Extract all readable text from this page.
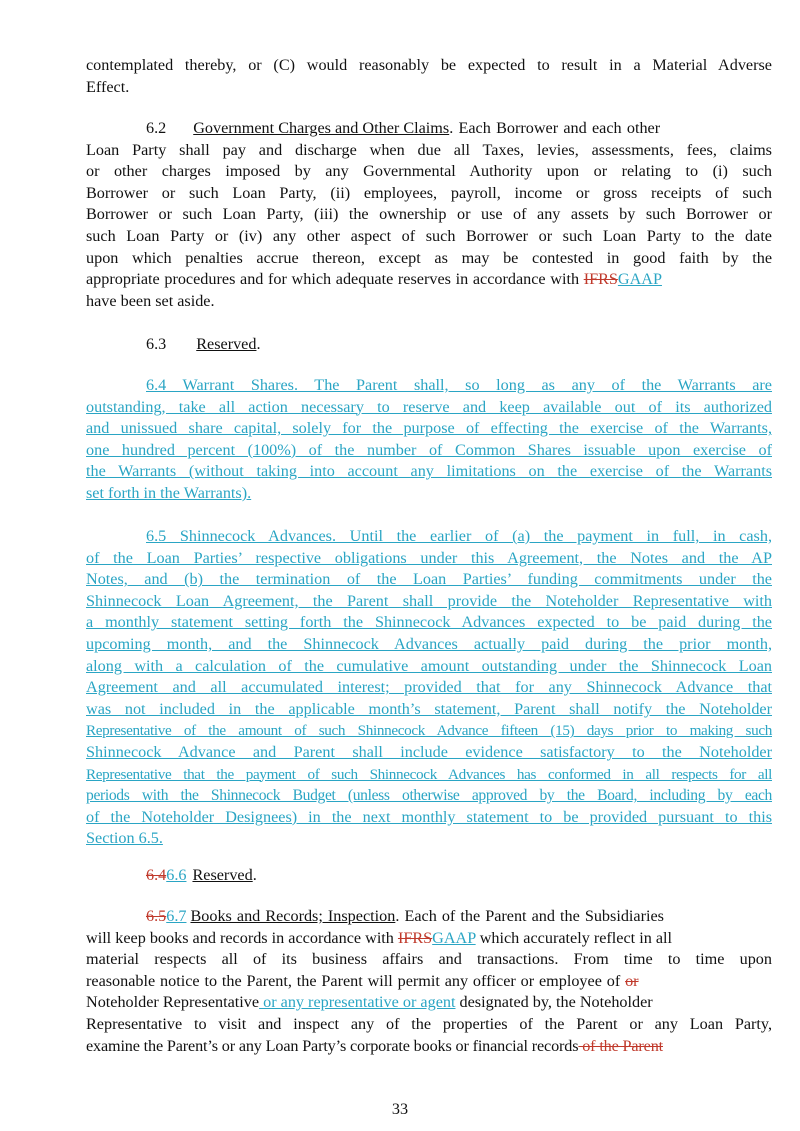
contemplated thereby, or (C) would reasonably be expected to result in a Material Adverse
Effect.
6.2 Government Charges and Other Claims. Each Borrower and each other
Loan Party shall pay and discharge when due all Taxes, levies, assessments, fees, claims
or other charges imposed by any Governmental Authority upon or relating to (i) such
Borrower or such Loan Party, (ii) employees, payroll, income or gross receipts of such
Borrower or such Loan Party, (iii) the ownership or use of any assets by such Borrower or
such Loan Party or (iv) any other aspect of such Borrower or such Loan Party to the date
upon which penalties accrue thereon, except as may be contested in good faith by the
appropriate procedures and for which adequate reserves in accordance with IFRSGAAP
have been set aside.
6.3 Reserved.
6.4 Warrant Shares. The Parent shall, so long as any of the Warrants are
outstanding, take all action necessary to reserve and keep available out of its authorized
and unissued share capital, solely for the purpose of effecting the exercise of the Warrants,
one hundred percent (100%) of the number of Common Shares issuable upon exercise of
the Warrants (without taking into account any limitations on the exercise of the Warrants
set forth in the Warrants).
6.5 Shinnecock Advances. Until the earlier of (a) the payment in full, in cash,
of the Loan Parties’ respective obligations under this Agreement, the Notes and the AP
Notes, and (b) the termination of the Loan Parties’ funding commitments under the
Shinnecock Loan Agreement, the Parent shall provide the Noteholder Representative with
a monthly statement setting forth the Shinnecock Advances expected to be paid during the
upcoming month, and the Shinnecock Advances actually paid during the prior month,
along with a calculation of the cumulative amount outstanding under the Shinnecock Loan
Agreement and all accumulated interest; provided that for any Shinnecock Advance that
was not included in the applicable month’s statement, Parent shall notify the Noteholder
Representative of the amount of such Shinnecock Advance fifteen (15) days prior to making such
Shinnecock Advance and Parent shall include evidence satisfactory to the Noteholder
Representative that the payment of such Shinnecock Advances has conformed in all respects for all
periods with the Shinnecock Budget (unless otherwise approved by the Board, including by each
of the Noteholder Designees) in the next monthly statement to be provided pursuant to this
Section 6.5.
6.46.6 Reserved.
6.56.7 Books and Records; Inspection. Each of the Parent and the Subsidiaries
will keep books and records in accordance with IFRSGAAP which accurately reflect in all
material respects all of its business affairs and transactions. From time to time upon
reasonable notice to the Parent, the Parent will permit any officer or employee of or
Noteholder Representative or any representative or agent designated by, the Noteholder
Representative to visit and inspect any of the properties of the Parent or any Loan Party,
examine the Parent’s or any Loan Party’s corporate books or financial records of the Parent
33
